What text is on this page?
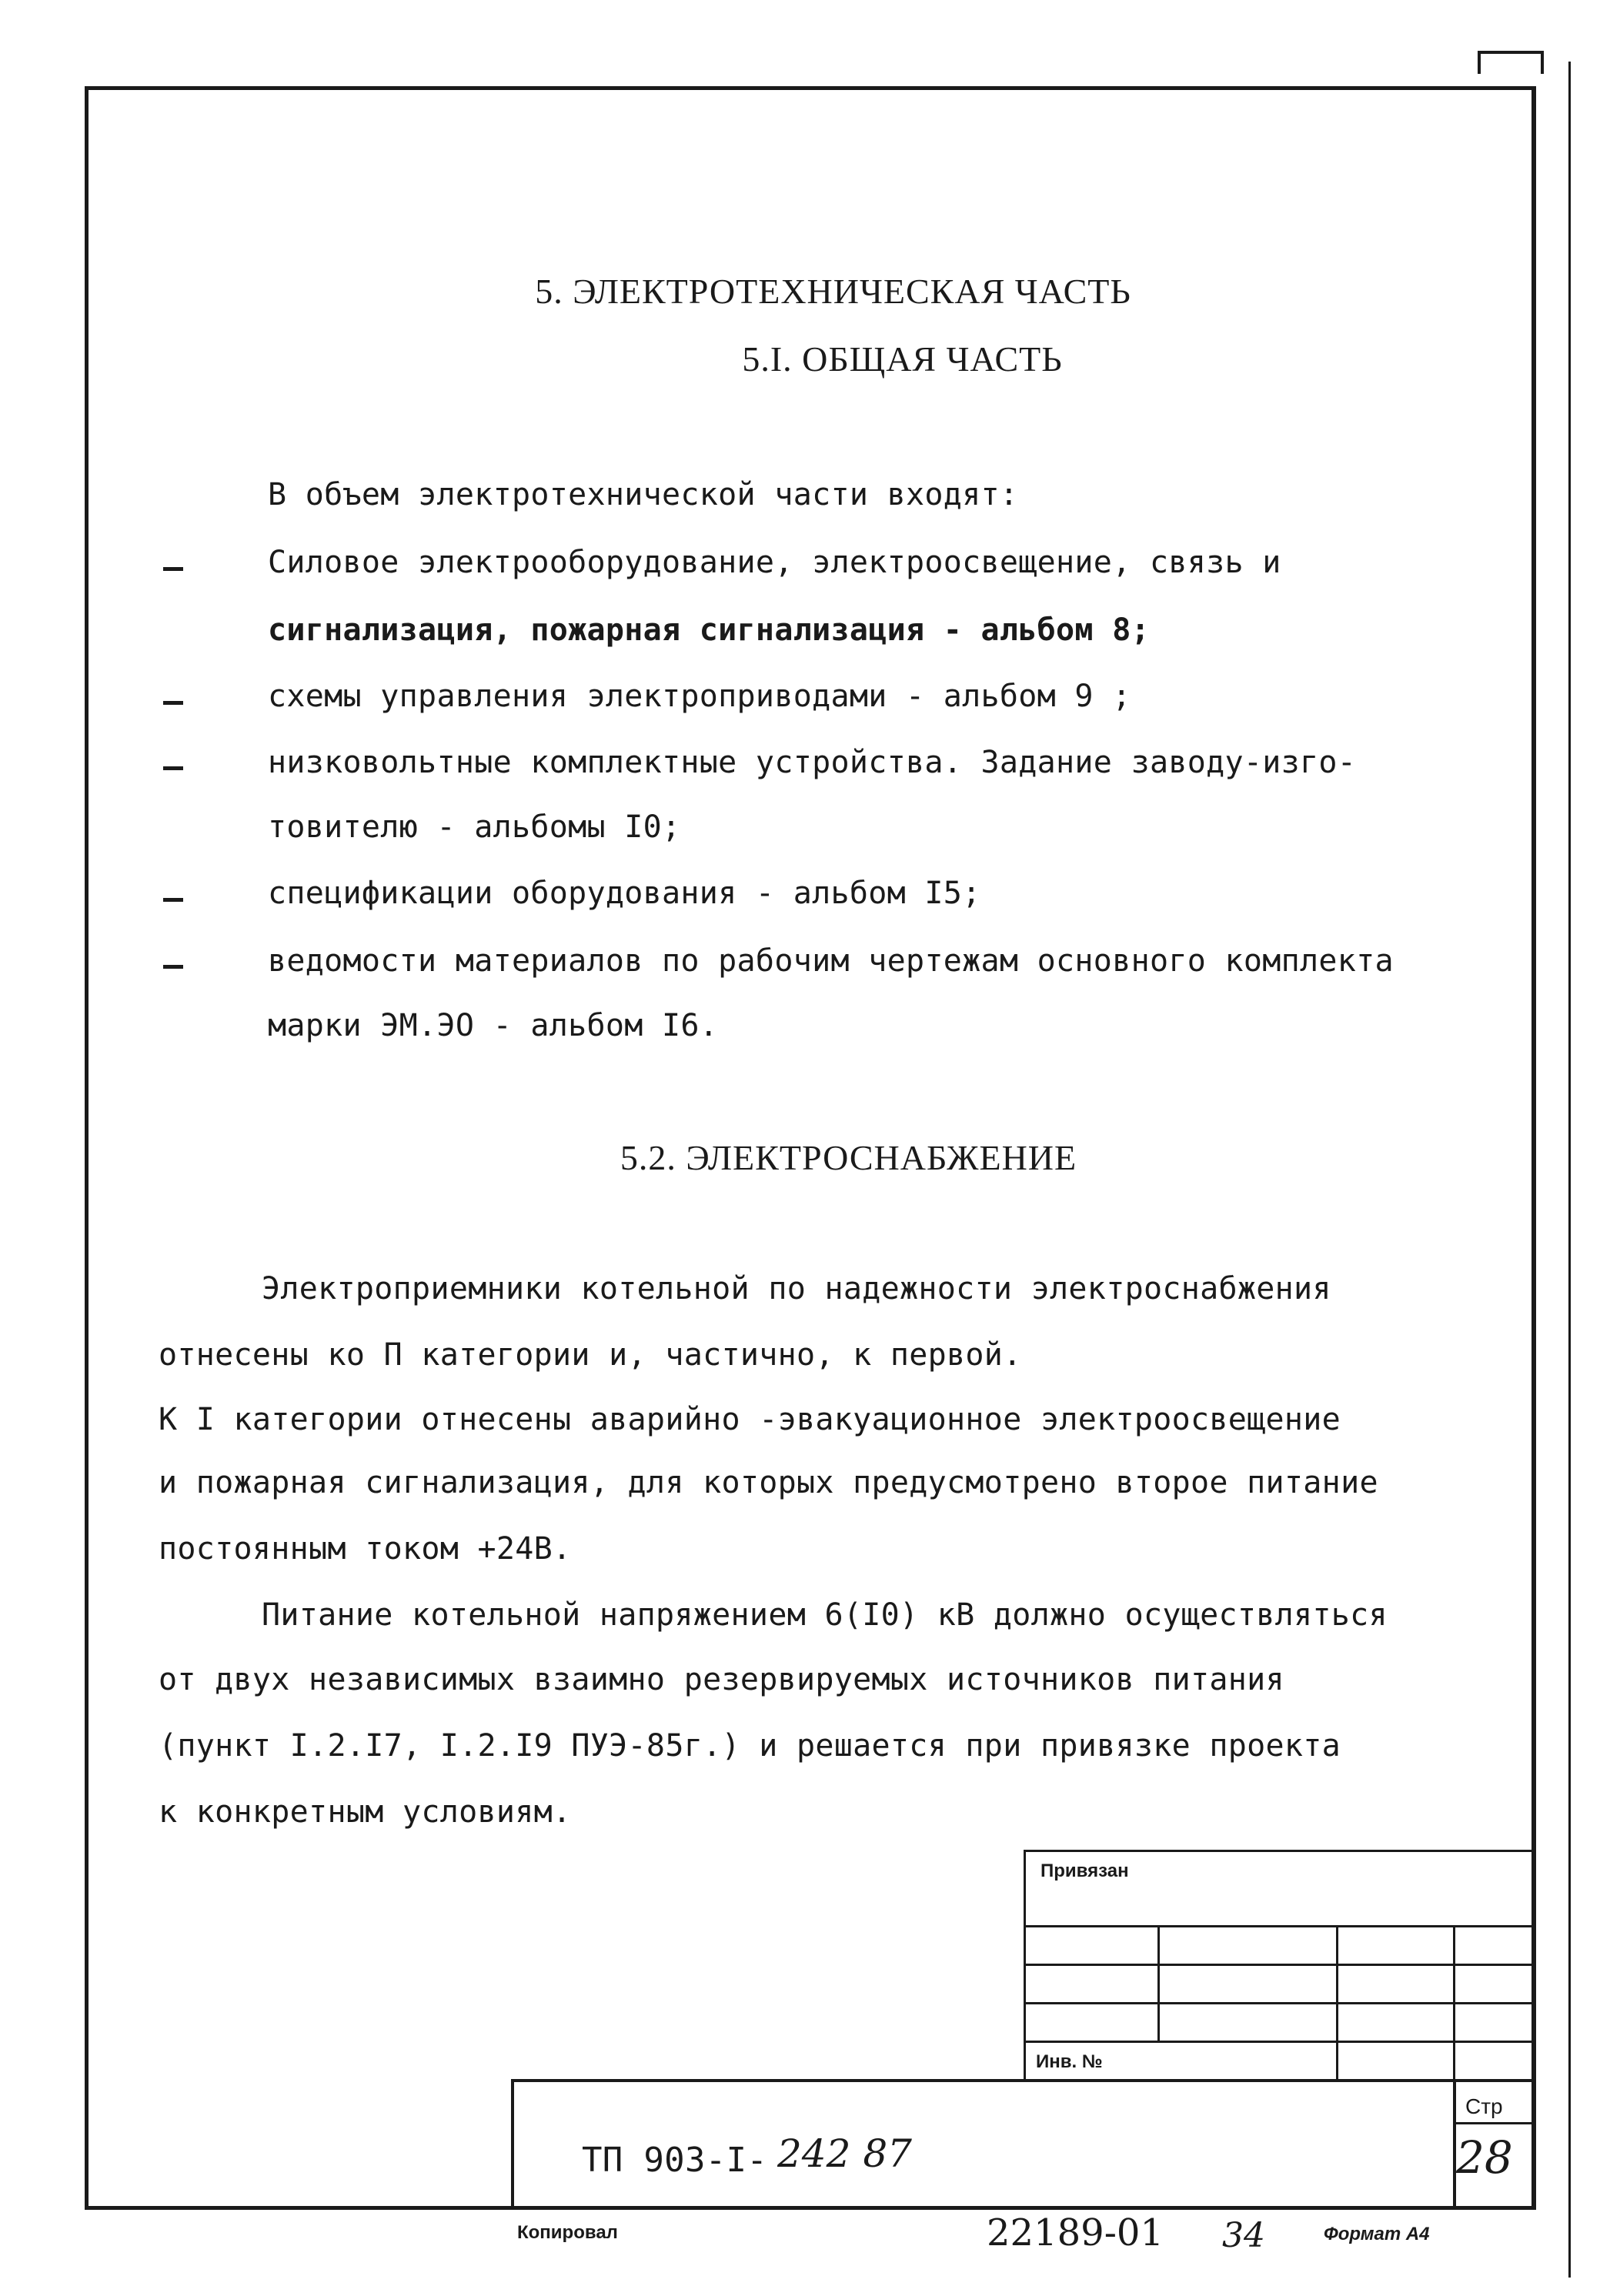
5. ЭЛЕКТРОТЕХНИЧЕСКАЯ ЧАСТЬ
5.I. ОБЩАЯ ЧАСТЬ
В объем электротехнической части входят:
Силовое электрооборудование, электроосвещение, связь и
сигнализация, пожарная сигнализация - альбом 8;
схемы управления электроприводами - альбом 9 ;
низковольтные комплектные устройства. Задание заводу-изго-
товителю - альбомы I0;
спецификации оборудования - альбом I5;
ведомости материалов по рабочим чертежам основного комплекта
марки ЭМ.ЭО - альбом I6.
5.2. ЭЛЕКТРОСНАБЖЕНИЕ
Электроприемники котельной по надежности электроснабжения
отнесены ко П категории и, частично, к первой.
К I категории отнесены аварийно -эвакуационное электроосвещение
и пожарная сигнализация, для которых предусмотрено второе питание
постоянным током +24В.
Питание котельной напряжением 6(I0) кВ должно осуществляться
от двух независимых взаимно резервируемых источников питания
(пункт I.2.I7, I.2.I9 ПУЭ-85г.) и решается при привязке проекта
к конкретным условиям.
Привязан
Инв. №
Стр
28
ТП 903-I- 242 87
Копировал	22189-01 34	Формат А4
